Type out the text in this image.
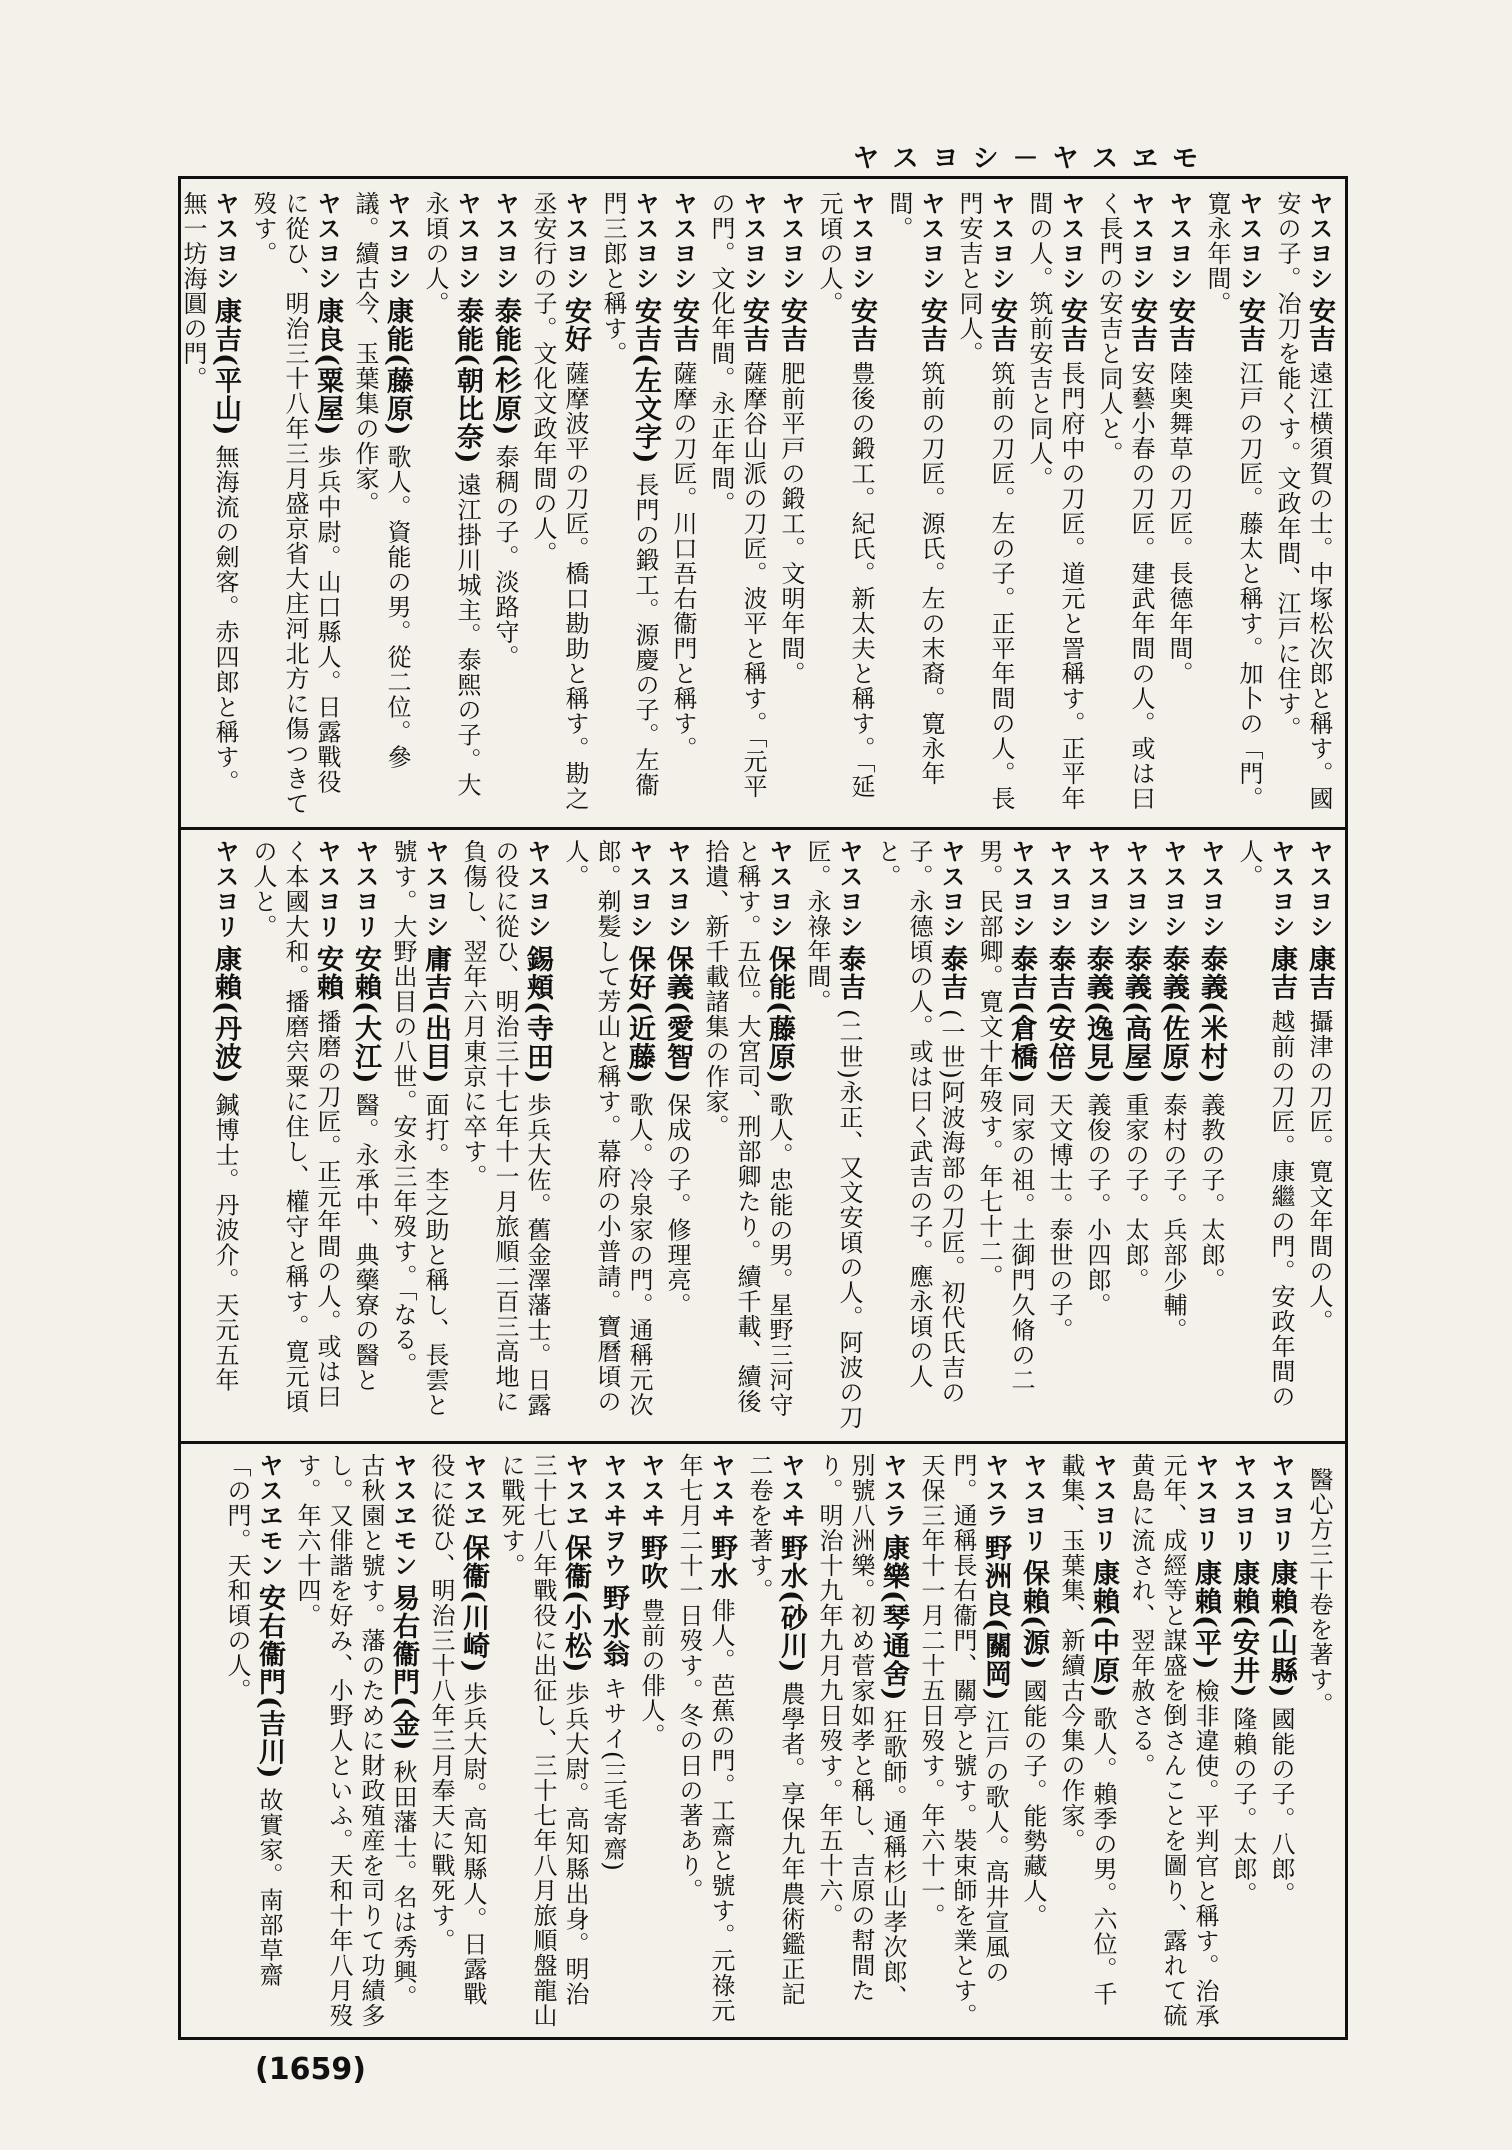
ヤスヨシ－ヤスヱモ
ヤスヨシ安吉遠江横須賀の士。中塚松次郎と稱す。國安の子。冶刀を能くす。文政年間、江戸に住す。
ヤスヨシ安吉江戸の刀匠。藤太と稱す。加卜の「門。寛永年間。
ヤスヨシ安吉陸奥舞草の刀匠。長德年間。
ヤスヨシ安吉安藝小春の刀匠。建武年間の人。或は曰く長門の安吉と同人と。
ヤスヨシ安吉長門府中の刀匠。道元と詈稱す。正平年間の人。筑前安吉と同人。
ヤスヨシ安吉筑前の刀匠。左の子。正平年間の人。長門安吉と同人。
ヤスヨシ安吉筑前の刀匠。源氏。左の末裔。寛永年間。
ヤスヨシ安吉豊後の鍛工。紀氏。新太夫と稱す。「延元頃の人。
ヤスヨシ安吉肥前平戸の鍛工。文明年間。
ヤスヨシ安吉薩摩谷山派の刀匠。波平と稱す。「元平の門。文化年間。永正年間。
ヤスヨシ安吉薩摩の刀匠。川口吾右衞門と稱す。
ヤスヨシ安吉(左文字)長門の鍛工。源慶の子。左衞門三郎と稱す。
ヤスヨシ安好薩摩波平の刀匠。橋口勘助と稱す。勘之丞安行の子。文化文政年間の人。
ヤスヨシ泰能(杉原)泰稠の子。淡路守。
ヤスヨシ泰能(朝比奈)遠江掛川城主。泰煕の子。大永頃の人。
ヤスヨシ康能(藤原)歌人。資能の男。從二位。參議。續古今、玉葉集の作家。
ヤスヨシ康良(粟屋)歩兵中尉。山口縣人。日露戰役に從ひ、明治三十八年三月盛京省大庄河北方に傷つきて歿す。
ヤスヨシ康吉(平山)無海流の劍客。赤四郎と稱す。無一坊海圓の門。
ヤスヨシ康吉攝津の刀匠。寛文年間の人。
ヤスヨシ康吉越前の刀匠。康繼の門。安政年間の人。
ヤスヨシ泰義(米村)義教の子。太郎。
ヤスヨシ泰義(佐原)泰村の子。兵部少輔。
ヤスヨシ泰義(高屋)重家の子。太郎。
ヤスヨシ泰義(逸見)義俊の子。小四郎。
ヤスヨシ泰吉(安倍)天文博士。泰世の子。
ヤスヨシ泰吉(倉橋)同家の祖。土御門久脩の二男。民部卿。寛文十年歿す。年七十二。
ヤスヨシ泰吉(一世)阿波海部の刀匠。初代氏吉の子。永德頃の人。或は曰く武吉の子。應永頃の人と。
ヤスヨシ泰吉(二世)永正、又文安頃の人。阿波の刀匠。永祿年間。
ヤスヨシ保能(藤原)歌人。忠能の男。星野三河守と稱す。五位。大宮司、刑部卿たり。續千載、續後拾遺、新千載諸集の作家。
ヤスヨシ保義(愛智)保成の子。修理亮。
ヤスヨシ保好(近藤)歌人。冷泉家の門。通稱元次郎。剃髪して芳山と稱す。幕府の小普請。寶曆頃の人。
ヤスヨシ錫頬(寺田)歩兵大佐。舊金澤藩士。日露の役に從ひ、明治三十七年十一月旅順二百三高地に負傷し、翌年六月東京に卒す。
ヤスヨシ庸吉(出目)面打。杢之助と稱し、長雲と號す。大野出目の八世。安永三年歿す。「なる。
ヤスヨリ安賴(大江)醫。永承中、典藥寮の醫と
ヤスヨリ安賴播磨の刀匠。正元年間の人。或は曰く本國大和。播磨宍粟に住し、權守と稱す。寛元頃の人と。
ヤスヨリ康賴(丹波)鍼博士。丹波介。天元五年
醫心方三十卷を著す。
ヤスヨリ康賴(山縣)國能の子。八郎。
ヤスヨリ康賴(安井)隆賴の子。太郎。
ヤスヨリ康賴(平)檢非違使。平判官と稱す。治承元年、成經等と謀盛を倒さんことを圖り、露れて硫黄島に流され、翌年赦さる。
ヤスヨリ康賴(中原)歌人。賴季の男。六位。千載集、玉葉集、新續古今集の作家。
ヤスヨリ保賴(源)國能の子。能勢藏人。
ヤスラ野洲良(關岡)江戸の歌人。高井宣風の門。通稱長右衞門、關亭と號す。裝束師を業とす。天保三年十一月二十五日歿す。年六十一。
ヤスラ康樂(琴通舍)狂歌師。通稱杉山孝次郎、別號八洲樂。初め菅家如孝と稱し、吉原の幇間たり。明治十九年九月九日歿す。年五十六。
ヤスヰ野水(砂川)農學者。享保九年農術鑑正記二卷を著す。
ヤスヰ野水俳人。芭蕉の門。工齋と號す。元祿元年七月二十一日歿す。冬の日の著あり。
ヤスヰ野吹豊前の俳人。
ヤスヰヲウ野水翁キサイ(三毛寄齋)
ヤスヱ保衞(小松)歩兵大尉。高知縣出身。明治三十七八年戰役に出征し、三十七年八月旅順盤龍山に戰死す。
ヤスヱ保衞(川崎)歩兵大尉。高知縣人。日露戰役に從ひ、明治三十八年三月奉天に戰死す。
ヤスヱモン易右衞門(金)秋田藩士。名は秀興。古秋園と號す。藩のために財政殖産を司りて功績多し。又俳諧を好み、小野人といふ。天和十年八月歿す。年六十四。
ヤスヱモン安右衞門(吉川)故實家。南部草齋「の門。天和頃の人。
(1659)
